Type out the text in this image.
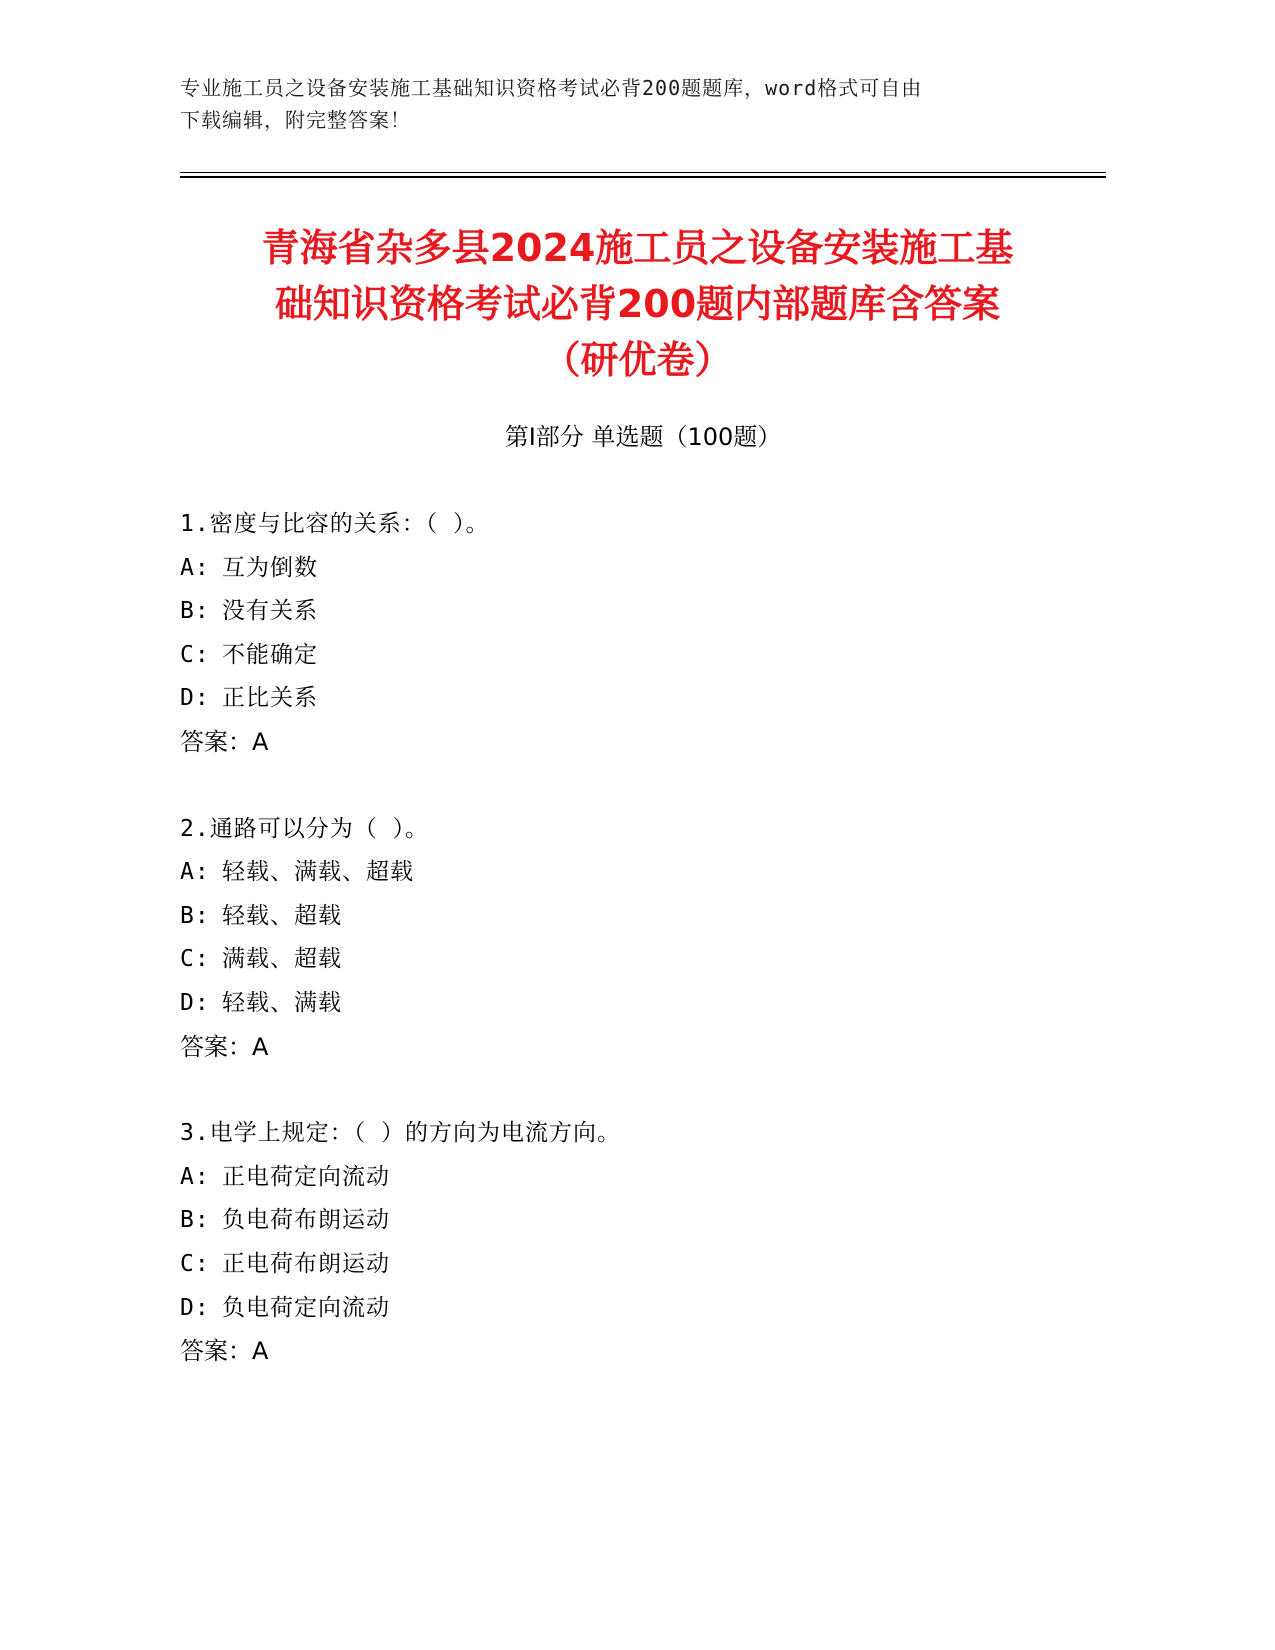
专业施工员之设备安装施工基础知识资格考试必背200题题库，word格式可自由
下载编辑，附完整答案！
青海省杂多县2024施工员之设备安装施工基
础知识资格考试必背200题内部题库含答案
（研优卷）
第Ⅰ部分 单选题（100题）
1.密度与比容的关系：（ ）。
A: 互为倒数
B: 没有关系
C: 不能确定
D: 正比关系
答案：A
2.通路可以分为（ ）。
A: 轻载、满载、超载
B: 轻载、超载
C: 满载、超载
D: 轻载、满载
答案：A
3.电学上规定：（ ）的方向为电流方向。
A: 正电荷定向流动
B: 负电荷布朗运动
C: 正电荷布朗运动
D: 负电荷定向流动
答案：A
